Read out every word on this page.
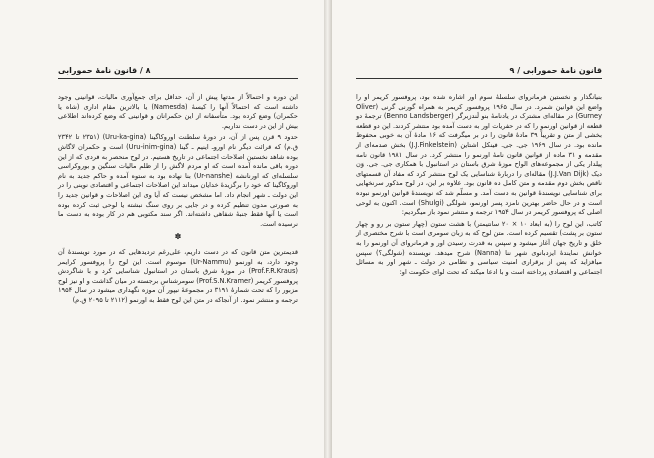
۸ / قانون نامهٔ حمورابی

این دوره و احتمالاً از مدتها پیش از آن، حداقل برای جمع‌آوری مالیات، قوانینی وجود داشته است که احتمالاً آنها را ‌کیسهٔ (Namesda) یا بالاترین مقام اداری (شاه یا حکمران) وضع کرده بود. متأسفانه از این حکمرانان و قوانینی که وضع کرده‌اند اطلاعی بیش از این در دست نداریم.

حدود ۹ قرن پس از آن، در دورهٔ سلطنت اوروکاگینا (Uru-ka-gina) (۲۳۵۱ تا ۲۳۴۲ ق.م) که قرائت دیگر نام اوروـ اینیم ـ گینا (Uru-inim-gina) است و حکمران لاگاش بوده شاهد نخستین اصلاحات اجتماعی در تاریخ هستیم. در لوح منحصر به فردی که از این دوره باقی مانده آمده است که او مردم لاگش را از ظلم مالیات سنگین و بوروکراسی سلسله‌ای که اورنانشه (Ur-nanshe) بنا نهاده بود به ستوه آمده و حاکم جدید به نام اوروکاگینا که خود را برگزیدهٔ خدایان میداند این اصلاحات اجتماعی و اقتصادی نوینی را در این دولت ـ شهر انجام داد. اما مشخص نیست که آیا وی این اصلاحات و قوانین جدید را به صورتی مدون تنظیم کرده و در جایی بر روی سنگ نبشته یا لوحی ثبت کرده بوده است یا آنها فقط جنبهٔ شفاهی داشته‌اند. اگر سند مکتوبی هم در کار بوده به دست ما نرسیده است.

✽

قدیمترین متن قانون که در دست داریم، علی‌رغم تردیدهایی که در مورد نویسندهٔ آن وجود دارد، به اورنمو (Ur-Nammu) موسوم است. این لوح را پروفسور کرایمر (Prof.F.R.Kraus) در موزهٔ شرق باستان در استانبول شناسایی کرد و با شاگردش پروفسور کریمر (Prof.S.N.Kramer) سومرشناس برجسته در میان گذاشت و او نیز لوح مزبور را که تحت شمارهٔ ۳۱۹۱ در مجموعهٔ نیپور آن موزه نگهداری میشود در سال ۱۹۵۴ ترجمه و منتشر نمود. از آنجاکه در متن این لوح فقط به اورنمو (۲۱۱۲ تا ۲۰۹۵ ق.م)

قانون نامهٔ حمورابی / ۹

بنیانگذار و نخستین فرمانروای سلسلهٔ سوم اور اشاره شده بود، پروفسور کریمر او را واضع این قوانین شمرد. در سال ۱۹۶۵ پروفسور کریمر به همراه گورنی گرنی (Oliver Gurney) در مقاله‌ای مشترک در یادنامهٔ بنو لَندزبرگر (Benno Landsberger) ترجمهٔ دو قطعه از قوانین اورنمو را که در حفریات اور به دست آمده بود منتشر کردند. این دو قطعه بخشی از متن و تقریباً ۳۹ مادهٔ قانون را در بر میگرفت که ۱۶ مادهٔ آن به خوبی محفوظ مانده بود. در سال ۱۹۶۹ جی. جی. فینکل اشتاین (J.J.Finkelstein) بخش صدمه‌ای از مقدمه و ۳۱ ماده از قوانین قانون نامهٔ اورنمو را منتشر کرد. در سال ۱۹۸۱ قانون نامه پیلدار یکی از مجموعه‌های الواح موزهٔ شرق باستان در استانبول با همکاری جی. جی. وَن دیک (J.J.Van Dijk) مقاله‌ای را دربارهٔ شناسایی یک لوح منتشر کرد که مفاد آن قسمتهای ناقص بخش دوم مقدمه و متن کامل ده قانون بود. علاوه بر این، در لوح مذکور سرنخهایی برای شناسایی نویسندهٔ قوانین به دست آمد. و مسلّم شد که نویسندهٔ قوانین اورنمو نبوده است و در حال حاضر بهترین نامزد پسر اورنمو، شولگی (Shulgi) است. اکنون به لوحی اصلی که پروفسور کریمر در سال ۱۹۵۴ ترجمه و منتشر نمود باز میگردیم:

کاتب، این لوح را (به ابعاد ۱۰ × ۲۰ سانتیمتر) با هشت ستون (چهار ستون بر رو و چهار ستون بر پشت) تقسیم کرده است. متن لوح که به زبان سومری است با شرح مختصری از خلق و تاریخ جهان آغاز میشود و سپس به قدرت رسیدن اور و فرمانروای آن اورنمو را به خوانش نمایندهٔ ایزدبانوی شهر ننا (Nanna) شرح میدهد. نویسنده (شولگی؟) سپس میافزاید که پس از برقراری امنیت سیاسی و نظامی در دولت ـ شهر اور به مسائل اجتماعی و اقتصادی پرداخته است و با ادعا میکند که تحت لوای حکومت او:
